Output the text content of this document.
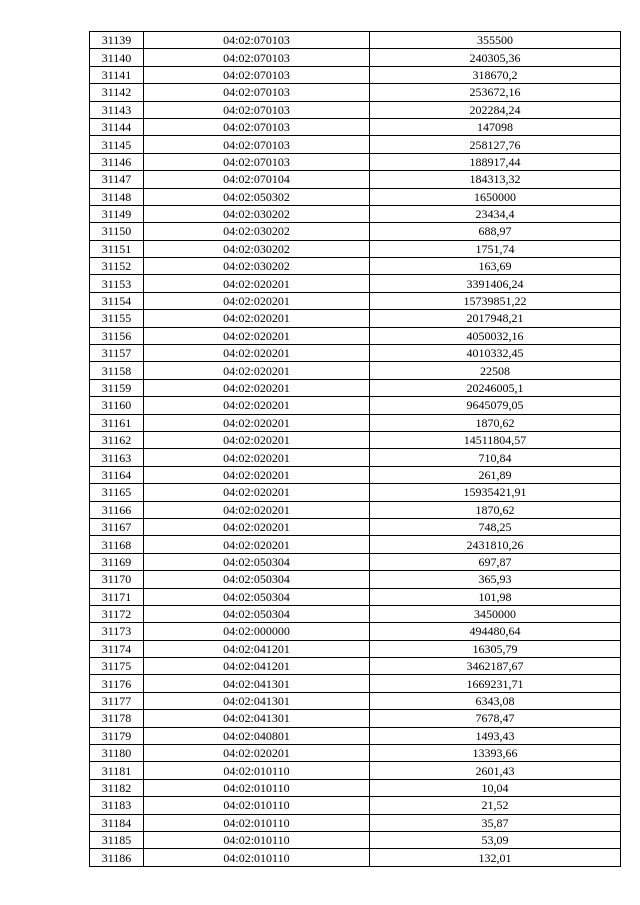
31139	04:02:070103	355500
31140	04:02:070103	240305,36
31141	04:02:070103	318670,2
31142	04:02:070103	253672,16
31143	04:02:070103	202284,24
31144	04:02:070103	147098
31145	04:02:070103	258127,76
31146	04:02:070103	188917,44
31147	04:02:070104	184313,32
31148	04:02:050302	1650000
31149	04:02:030202	23434,4
31150	04:02:030202	688,97
31151	04:02:030202	1751,74
31152	04:02:030202	163,69
31153	04:02:020201	3391406,24
31154	04:02:020201	15739851,22
31155	04:02:020201	2017948,21
31156	04:02:020201	4050032,16
31157	04:02:020201	4010332,45
31158	04:02:020201	22508
31159	04:02:020201	20246005,1
31160	04:02:020201	9645079,05
31161	04:02:020201	1870,62
31162	04:02:020201	14511804,57
31163	04:02:020201	710,84
31164	04:02:020201	261,89
31165	04:02:020201	15935421,91
31166	04:02:020201	1870,62
31167	04:02:020201	748,25
31168	04:02:020201	2431810,26
31169	04:02:050304	697,87
31170	04:02:050304	365,93
31171	04:02:050304	101,98
31172	04:02:050304	3450000
31173	04:02:000000	494480,64
31174	04:02:041201	16305,79
31175	04:02:041201	3462187,67
31176	04:02:041301	1669231,71
31177	04:02:041301	6343,08
31178	04:02:041301	7678,47
31179	04:02:040801	1493,43
31180	04:02:020201	13393,66
31181	04:02:010110	2601,43
31182	04:02:010110	10,04
31183	04:02:010110	21,52
31184	04:02:010110	35,87
31185	04:02:010110	53,09
31186	04:02:010110	132,01
